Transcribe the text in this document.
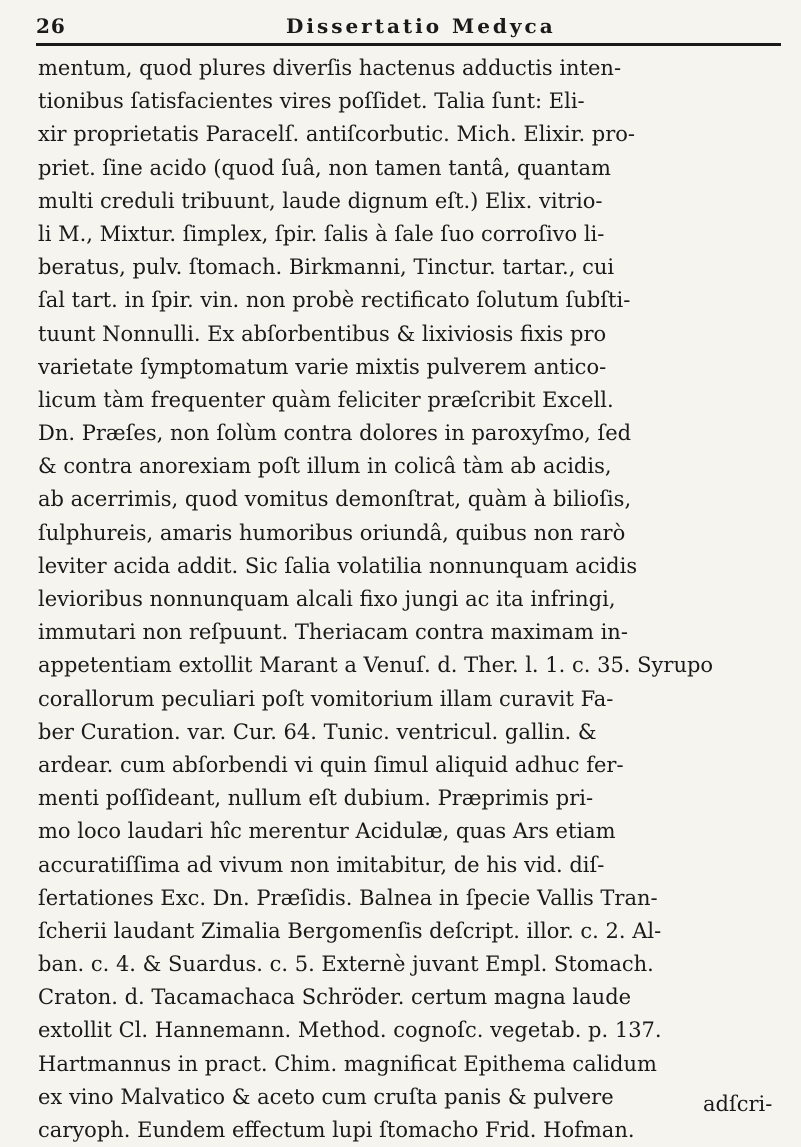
26	Dissertatio Medyca
mentum, quod plures diverſis hactenus adductis inten-
tionibus ſatisfacientes vires poſſidet. Talia ſunt: Eli-
xir proprietatis Paracelſ. antiſcorbutic. Mich. Elixir. pro-
priet. ſine acido (quod ſuâ, non tamen tantâ, quantam
multi creduli tribuunt, laude dignum eſt.) Elix. vitrio-
li M., Mixtur. ſimplex, ſpir. ſalis à ſale ſuo corroſivo li-
beratus, pulv. ſtomach. Birkmanni, Tinctur. tartar., cui
ſal tart. in ſpir. vin. non probè rectificato ſolutum ſubſti-
tuunt Nonnulli. Ex abſorbentibus & lixiviosis fixis pro
varietate ſymptomatum varie mixtis pulverem antico-
licum tàm frequenter quàm feliciter præſcribit Excell.
Dn. Præſes, non ſolùm contra dolores in paroxyſmo, ſed
& contra anorexiam poſt illum in colicâ tàm ab acidis,
ab acerrimis, quod vomitus demonſtrat, quàm à bilioſis,
ſulphureis, amaris humoribus oriundâ, quibus non rarò
leviter acida addit. Sic ſalia volatilia nonnunquam acidis
levioribus nonnunquam alcali fixo jungi ac ita infringi,
immutari non reſpuunt. Theriacam contra maximam in-
appetentiam extollit Marant a Venuſ. d. Ther. l. 1. c. 35. Syrupo
corallorum peculiari poſt vomitorium illam curavit Fa-
ber Curation. var. Cur. 64. Tunic. ventricul. gallin. &
ardear. cum abſorbendi vi quin ſimul aliquid adhuc fer-
menti poſſideant, nullum eſt dubium. Præprimis pri-
mo loco laudari hîc merentur Acidulæ, quas Ars etiam
accuratiſſima ad vivum non imitabitur, de his vid. diſ-
ſertationes Exc. Dn. Præſidis. Balnea in ſpecie Vallis Tran-
ſcherii laudant Zimalia Bergomenſis deſcript. illor. c. 2. Al-
ban. c. 4. & Suardus. c. 5. Externè juvant Empl. Stomach.
Craton. d. Tacamachaca Schröder. certum magna laude
extollit Cl. Hannemann. Method. cognoſc. vegetab. p. 137.
Hartmannus in pract. Chim. magnificat Epithema calidum
ex vino Malvatico & aceto cum cruſta panis & pulvere
caryoph. Eundem effectum lupi ſtomacho Frid. Hofman.
adſcri-
